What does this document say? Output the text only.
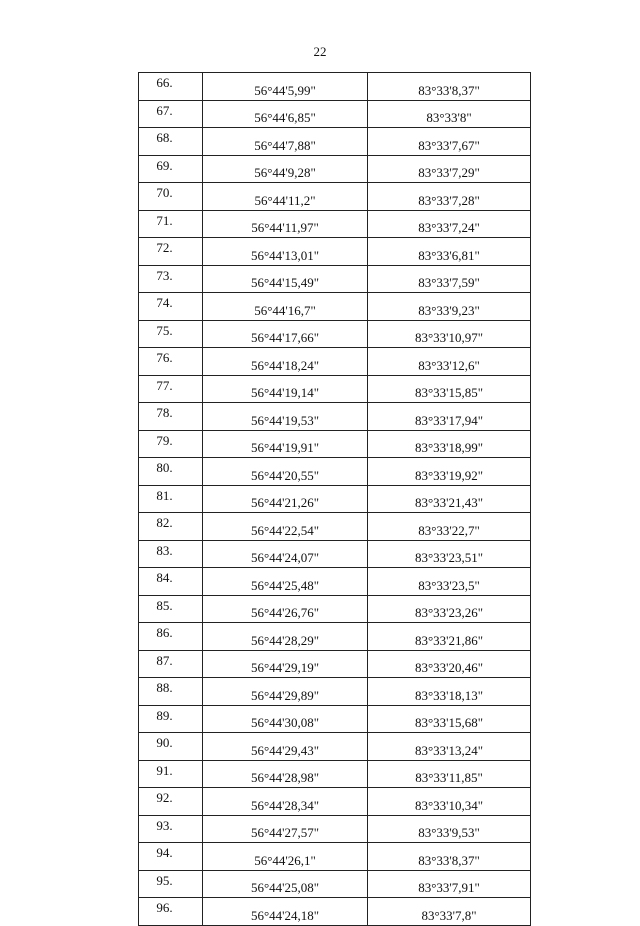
22
66.	56°44'5,99"	83°33'8,37"
67.	56°44'6,85"	83°33'8"
68.	56°44'7,88"	83°33'7,67"
69.	56°44'9,28"	83°33'7,29"
70.	56°44'11,2"	83°33'7,28"
71.	56°44'11,97"	83°33'7,24"
72.	56°44'13,01"	83°33'6,81"
73.	56°44'15,49"	83°33'7,59"
74.	56°44'16,7"	83°33'9,23"
75.	56°44'17,66"	83°33'10,97"
76.	56°44'18,24"	83°33'12,6"
77.	56°44'19,14"	83°33'15,85"
78.	56°44'19,53"	83°33'17,94"
79.	56°44'19,91"	83°33'18,99"
80.	56°44'20,55"	83°33'19,92"
81.	56°44'21,26"	83°33'21,43"
82.	56°44'22,54"	83°33'22,7"
83.	56°44'24,07"	83°33'23,51"
84.	56°44'25,48"	83°33'23,5"
85.	56°44'26,76"	83°33'23,26"
86.	56°44'28,29"	83°33'21,86"
87.	56°44'29,19"	83°33'20,46"
88.	56°44'29,89"	83°33'18,13"
89.	56°44'30,08"	83°33'15,68"
90.	56°44'29,43"	83°33'13,24"
91.	56°44'28,98"	83°33'11,85"
92.	56°44'28,34"	83°33'10,34"
93.	56°44'27,57"	83°33'9,53"
94.	56°44'26,1"	83°33'8,37"
95.	56°44'25,08"	83°33'7,91"
96.	56°44'24,18"	83°33'7,8"
